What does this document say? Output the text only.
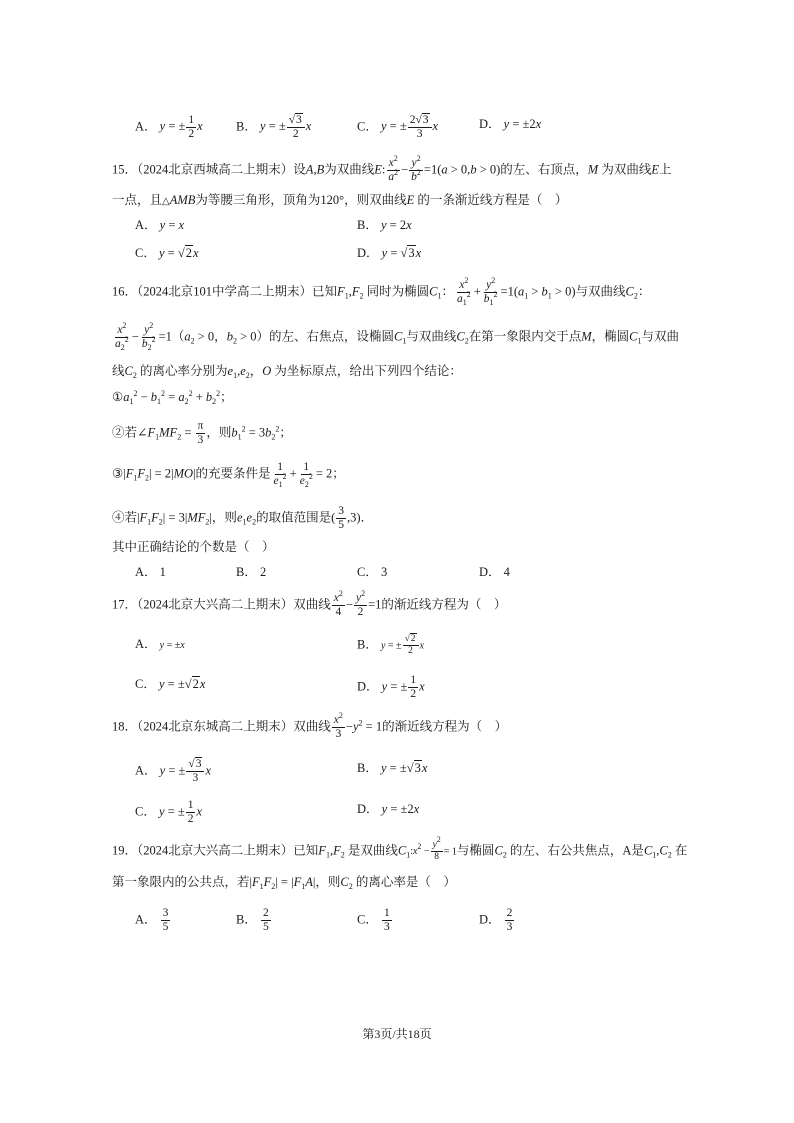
A． y = ± $\frac{1}{2}$ x	B． y = ± $\frac{√3}{2}$ x	C． y = ± $\frac{2√3}{3}$ x	D． y = ±2x
15．（2024北京西城高二上期末）设A,B为双曲线E: $\frac{x^2}{a^2} - \frac{y^2}{b^2} =1(a > 0,b > 0)$的左、右顶点，M 为双曲线E上
一点，且△AMB为等腰三角形，顶角为120°，则双曲线E 的一条渐近线方程是（　）
A． y = x	B． y = 2x
C． y = √2x	D． y = √3x
16．（2024北京101中学高二上期末）已知$F_1,F_2$ 同时为椭圆$C_1$： $\frac{x^2}{a_1^2} + \frac{y^2}{b_1^2} =1(a_1 > b_1 > 0)$与双曲线$C_2$：
$\frac{x^2}{a_2^2} - \frac{y^2}{b_2^2} =1(a_2 > 0$，$b_2 > 0$）的左、右焦点，设椭圆$C_1$与双曲线$C_2$在第一象限内交于点M，椭圆$C_1$与双曲
线$C_2$ 的离心率分别为$e_1,e_2$，O 为坐标原点，给出下列四个结论：
$①a_1^2 - b_1^2 = a_2^2 + b_2^2$；
②若$\angle F_1MF_2 = \frac{\pi}{3}$ ，则$b_1^2 = 3b_2^2$；
$③|F_1F_2| = 2|MO|$的充要条件是 $\frac{1}{e_1^2} + \frac{1}{e_2^2} = 2$；
④若$|F_1F_2| = 3|MF_2|$，则$e_1e_2$的取值范围是( $\frac{3}{5} ,3$)．
其中正确结论的个数是（　）
A． 1	B． 2	C． 3	D． 4
17．（2024北京大兴高二上期末）双曲线 $\frac{x^2}{4} - \frac{y^2}{2} =1$的渐近线方程为（　）
A． y = ±x	B． y = ± $\frac{√2}{2}$ x
C． y = ±√2x	D． y = ± $\frac{1}{2}$ x
18．（2024北京东城高二上期末）双曲线 $\frac{x^2}{3} -y^2 = 1$的渐近线方程为（　）
A． y = ± $\frac{√3}{3}$ x	B． y = ±√3x
C． y = ± $\frac{1}{2}$ x	D． y = ±2x
19．（2024北京大兴高二上期末）已知$F_1,F_2$ 是双曲线$C_1:x^2 - \frac{y^2}{8} = 1$与椭圆$C_2$ 的左、右公共焦点，A是$C_1,C_2$ 在
第一象限内的公共点，若$|F_1F_2| = |F_1A|$，则$C_2$ 的离心率是（　）
A． $\frac{3}{5}$	B． $\frac{2}{5}$	C． $\frac{1}{3}$	D． $\frac{2}{3}$
第3页/共18页
